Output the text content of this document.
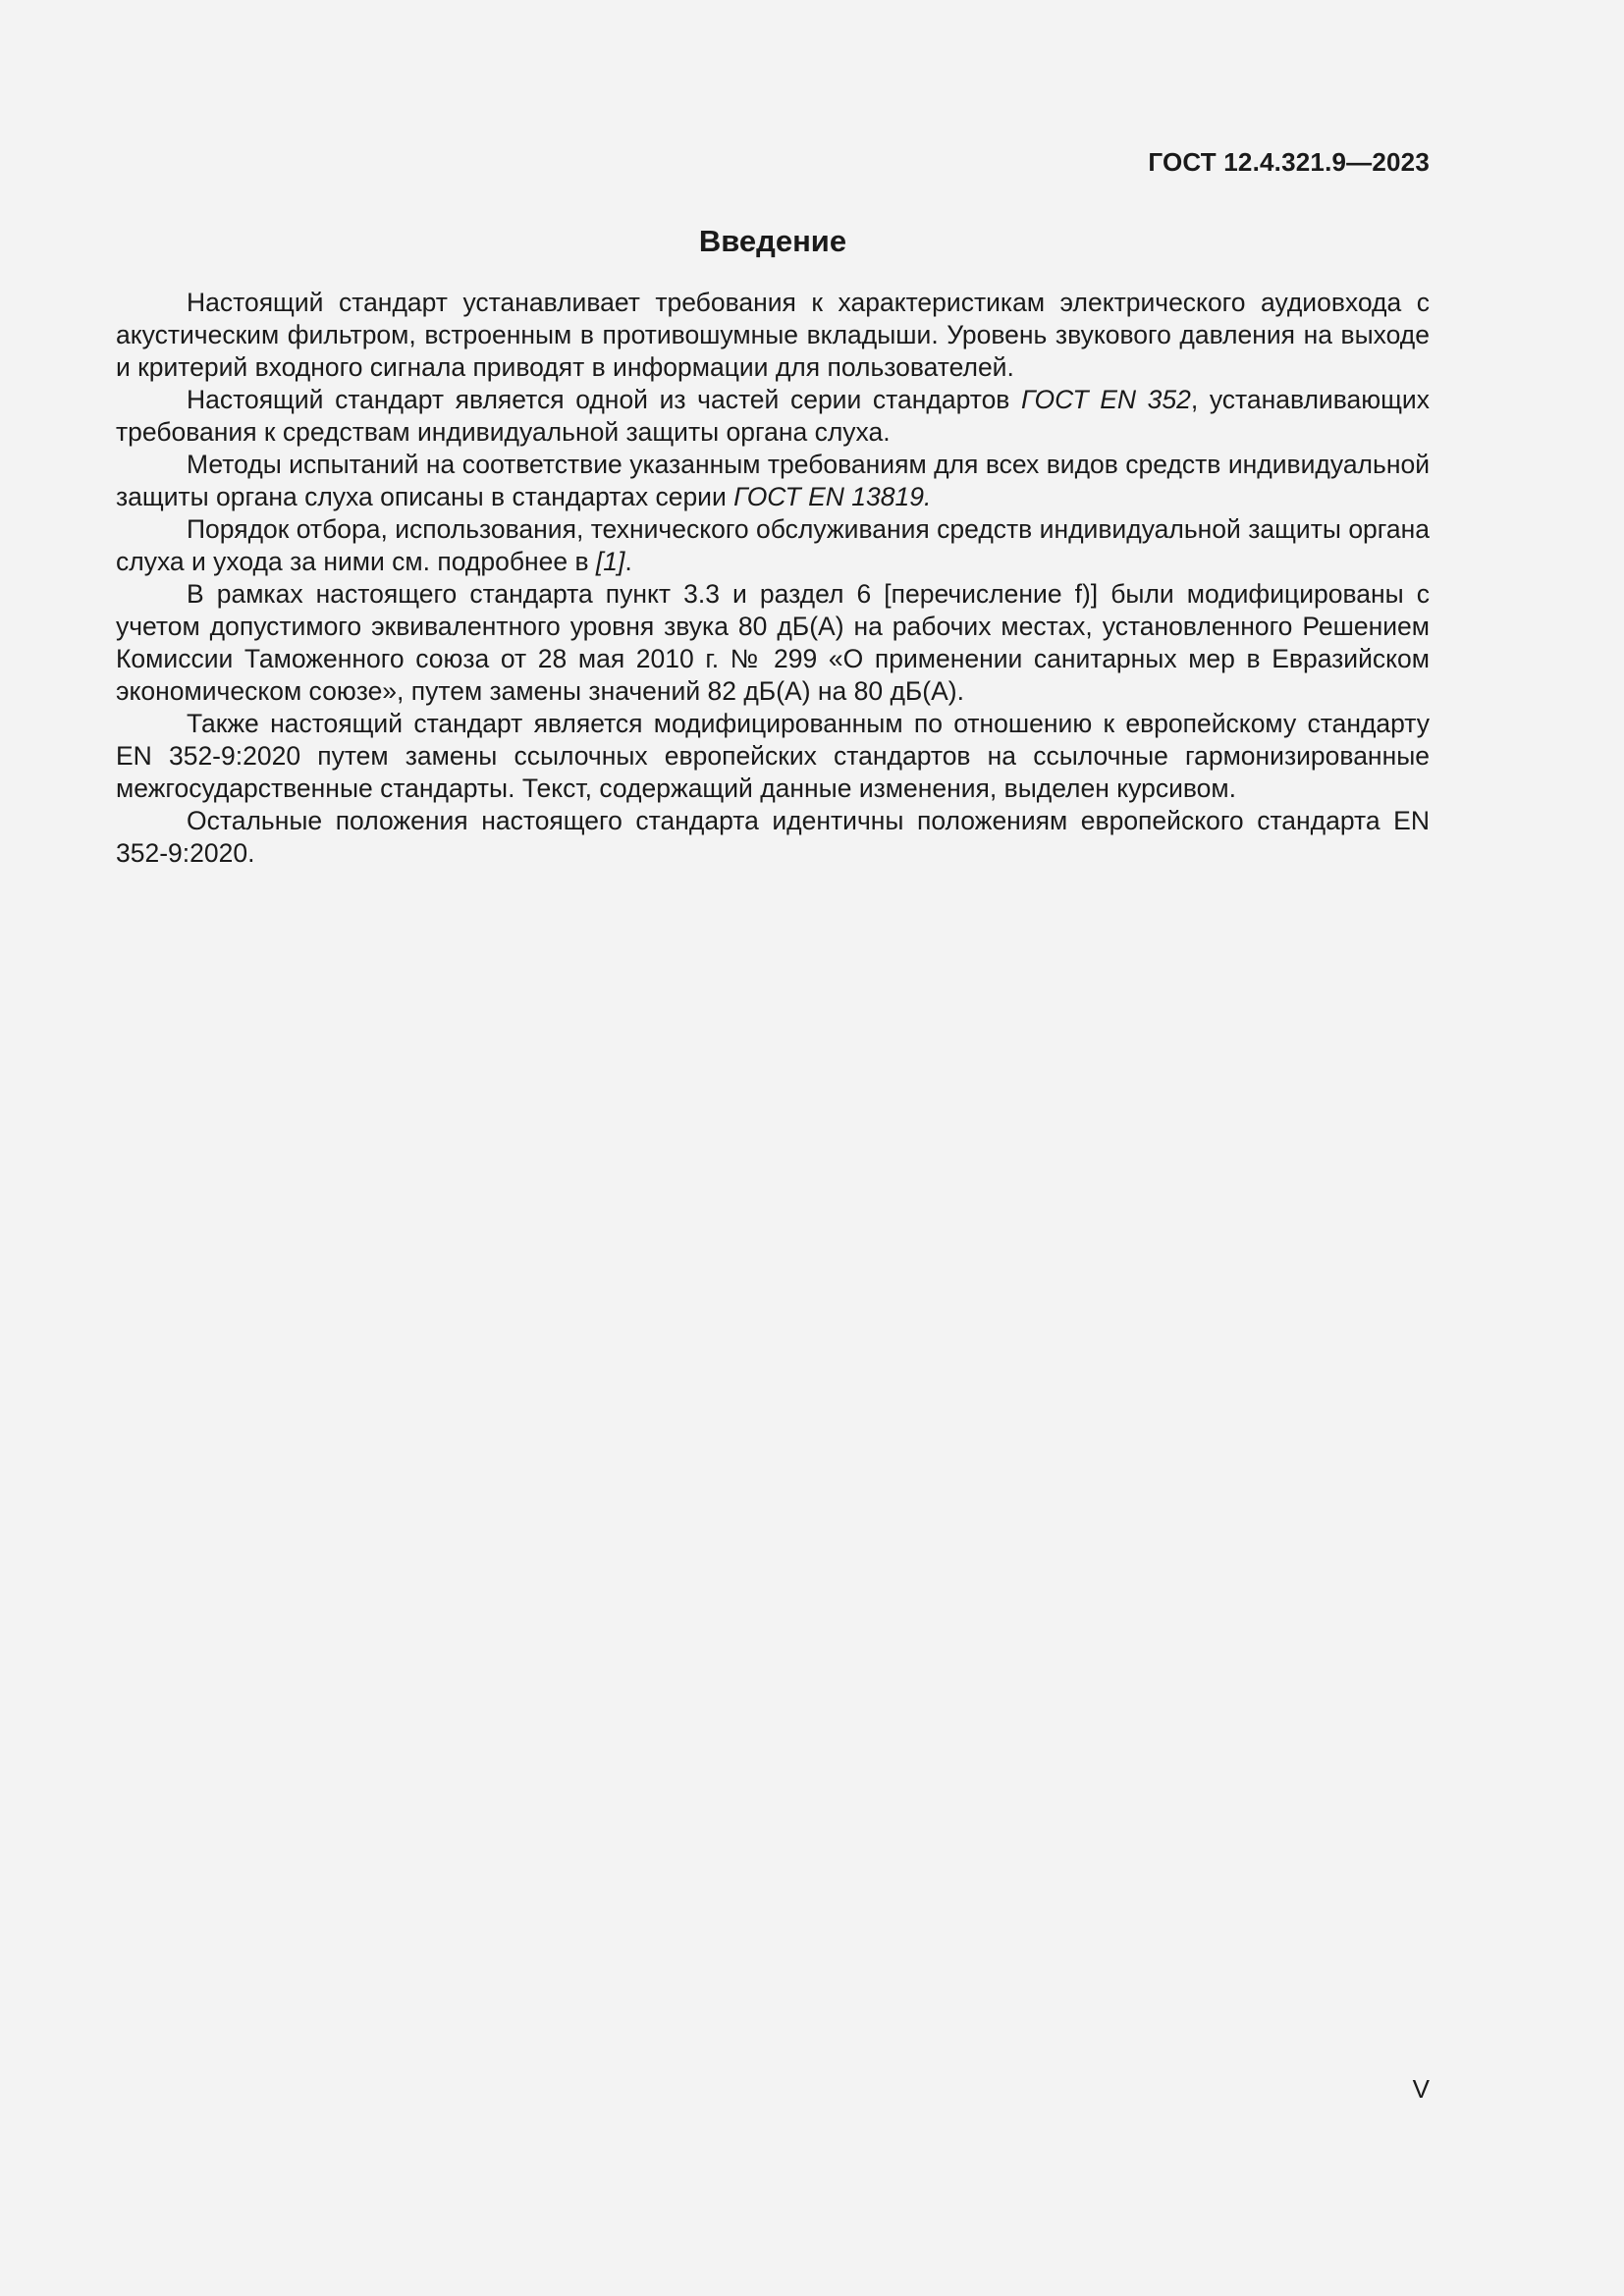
ГОСТ 12.4.321.9—2023
Введение

Настоящий стандарт устанавливает требования к характеристикам электрического аудиовхода с акустическим фильтром, встроенным в противошумные вкладыши. Уровень звукового давления на выходе и критерий входного сигнала приводят в информации для пользователей.

Настоящий стандарт является одной из частей серии стандартов ГОСТ EN 352, устанавливающих требования к средствам индивидуальной защиты органа слуха.

Методы испытаний на соответствие указанным требованиям для всех видов средств индивидуальной защиты органа слуха описаны в стандартах серии ГОСТ EN 13819.

Порядок отбора, использования, технического обслуживания средств индивидуальной защиты органа слуха и ухода за ними см. подробнее в [1].

В рамках настоящего стандарта пункт 3.3 и раздел 6 [перечисление f)] были модифицированы с учетом допустимого эквивалентного уровня звука 80 дБ(А) на рабочих местах, установленного Решением Комиссии Таможенного союза от 28 мая 2010 г. № 299 «О применении санитарных мер в Евразийском экономическом союзе», путем замены значений 82 дБ(А) на 80 дБ(А).

Также настоящий стандарт является модифицированным по отношению к европейскому стандарту EN 352-9:2020 путем замены ссылочных европейских стандартов на ссылочные гармонизированные межгосударственные стандарты. Текст, содержащий данные изменения, выделен курсивом.

Остальные положения настоящего стандарта идентичны положениям европейского стандарта EN 352-9:2020.

V
